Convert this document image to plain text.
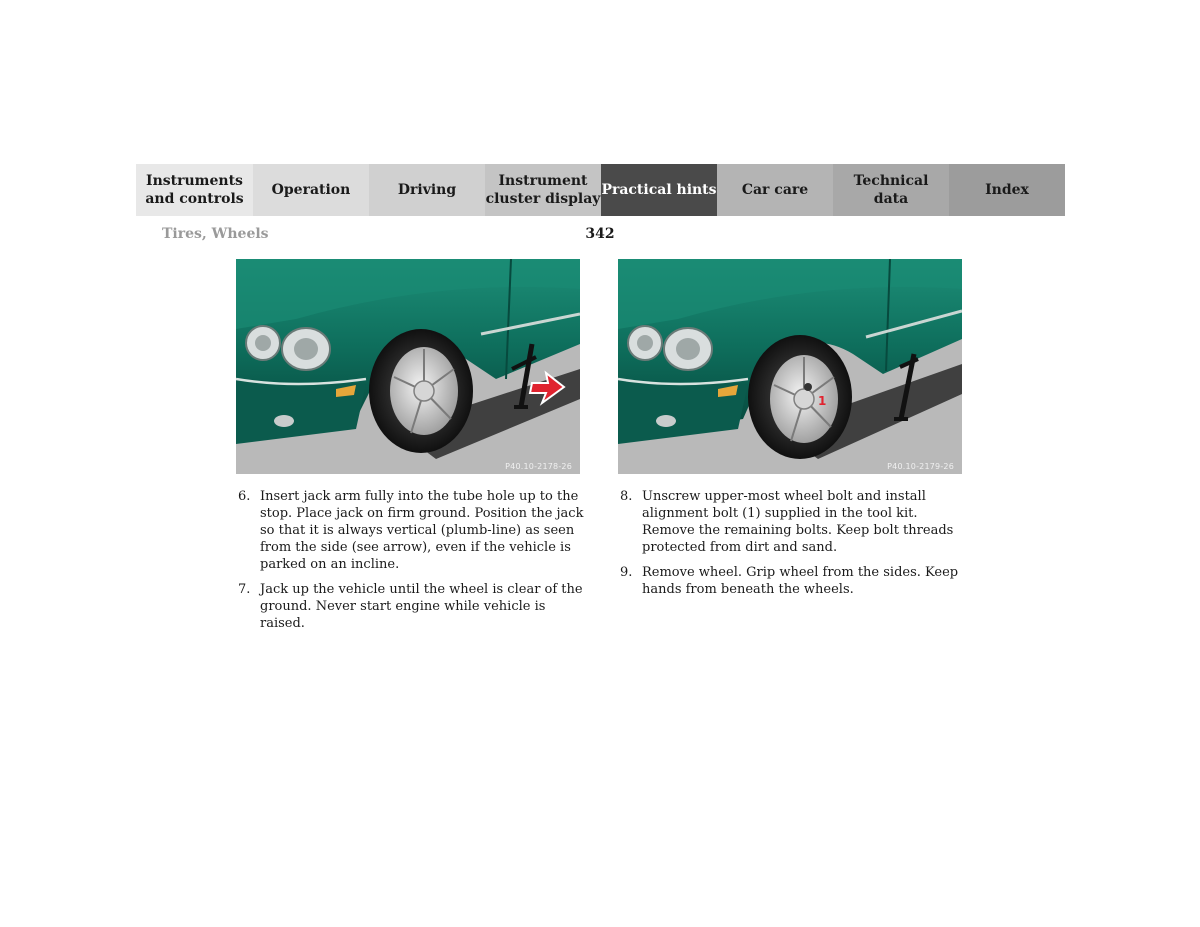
Instruments
and controls
Operation	Driving
Instrument
cluster display
Practical hints	Car care
Technical
data
Index
Tires, Wheels	342
P40.10-2178-26
1
P40.10-2179-26
6. Insert jack arm fully into the tube hole up to the stop. Place jack on firm ground. Position the jack so that it is always vertical (plumb-line) as seen from the side (see arrow), even if the vehicle is parked on an incline.
7. Jack up the vehicle until the wheel is clear of the ground. Never start engine while vehicle is raised.
8. Unscrew upper-most wheel bolt and install alignment bolt (1) supplied in the tool kit. Remove the remaining bolts. Keep bolt threads protected from dirt and sand.
9. Remove wheel. Grip wheel from the sides. Keep hands from beneath the wheels.
